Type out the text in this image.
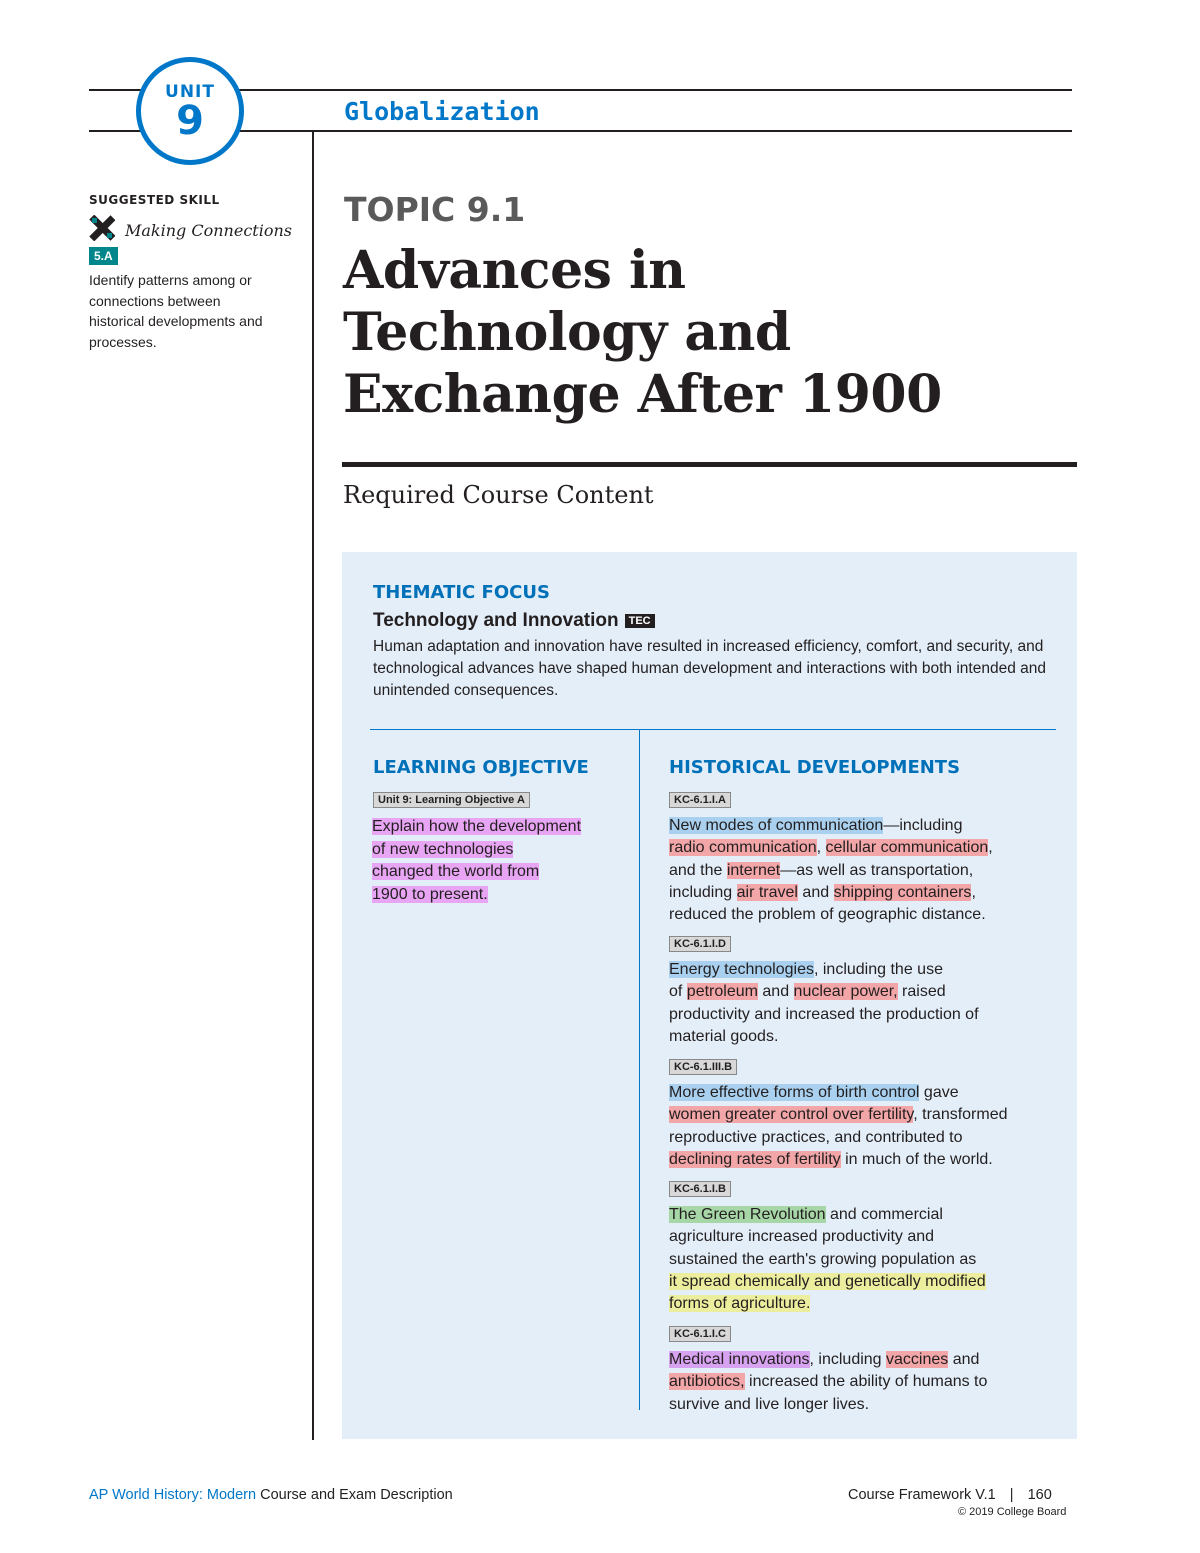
UNIT
9	Globalization
SUGGESTED SKILL
Making Connections
5.A
Identify patterns among or connections between historical developments and processes.
TOPIC 9.1
Advances in
Technology and
Exchange After 1900
Required Course Content
THEMATIC FOCUS
Technology and Innovation TEC
Human adaptation and innovation have resulted in increased efficiency, comfort, and security, and technological advances have shaped human development and interactions with both intended and unintended consequences.
LEARNING OBJECTIVE
Unit 9: Learning Objective A
Explain how the development
of new technologies
changed the world from
1900 to present.
HISTORICAL DEVELOPMENTS
KC-6.1.I.A
New modes of communication—including
radio communication, cellular communication,
and the internet—as well as transportation,
including air travel and shipping containers,
reduced the problem of geographic distance.
KC-6.1.I.D
Energy technologies, including the use
of petroleum and nuclear power, raised
productivity and increased the production of
material goods.
KC-6.1.III.B
More effective forms of birth control gave
women greater control over fertility, transformed
reproductive practices, and contributed to
declining rates of fertility in much of the world.
KC-6.1.I.B
The Green Revolution and commercial
agriculture increased productivity and
sustained the earth's growing population as
it spread chemically and genetically modified
forms of agriculture.
KC-6.1.I.C
Medical innovations, including vaccines and
antibiotics, increased the ability of humans to
survive and live longer lives.
AP World History: Modern Course and Exam Description	Course Framework V.1 | 160
© 2019 College Board
